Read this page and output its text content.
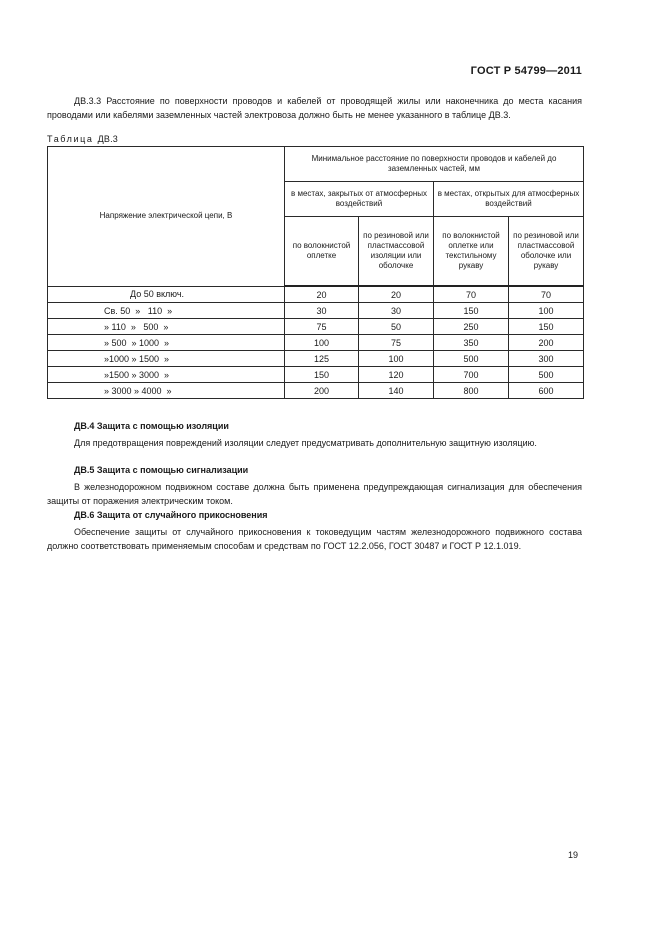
ГОСТ Р 54799—2011

ДВ.3.3 Расстояние по поверхности проводов и кабелей от проводящей жилы или наконечника до места касания проводами или кабелями заземленных частей электровоза должно быть не менее указанного в таблице ДВ.3.

Таблица ДВ.3
Напряжение электрической цепи, В	Минимальное расстояние по поверхности проводов и кабелей до заземленных частей, мм			
	в местах, закрытых от атмосферных воздействий		в местах, открытых для атмосферных воздействий	
	по волокнистой оплетке	по резиновой или пластмассовой изоляции или оболочке	по волокнистой оплетке или текстильному рукаву	по резиновой или пластмассовой оболочке или рукаву
До 50 включ.	20	20	70	70
Св. 50  »   110  »	30	30	150	100
» 110  »   500  »	75	50	250	150
» 500  » 1000  »	100	75	350	200
»1000 » 1500  »	125	100	500	300
»1500 » 3000  »	150	120	700	500
» 3000 » 4000  »	200	140	800	600

ДВ.4 Защита с помощью изоляции

Для предотвращения повреждений изоляции следует предусматривать дополнительную защитную изоляцию.

ДВ.5 Защита с помощью сигнализации

В железнодорожном подвижном составе должна быть применена предупреждающая сигнализация для обеспечения защиты от поражения электрическим током.

ДВ.6 Защита от случайного прикосновения

Обеспечение защиты от случайного прикосновения к токоведущим частям железнодорожного подвижного состава должно соответствовать применяемым способам и средствам по ГОСТ 12.2.056, ГОСТ 30487 и ГОСТ Р 12.1.019.

19
